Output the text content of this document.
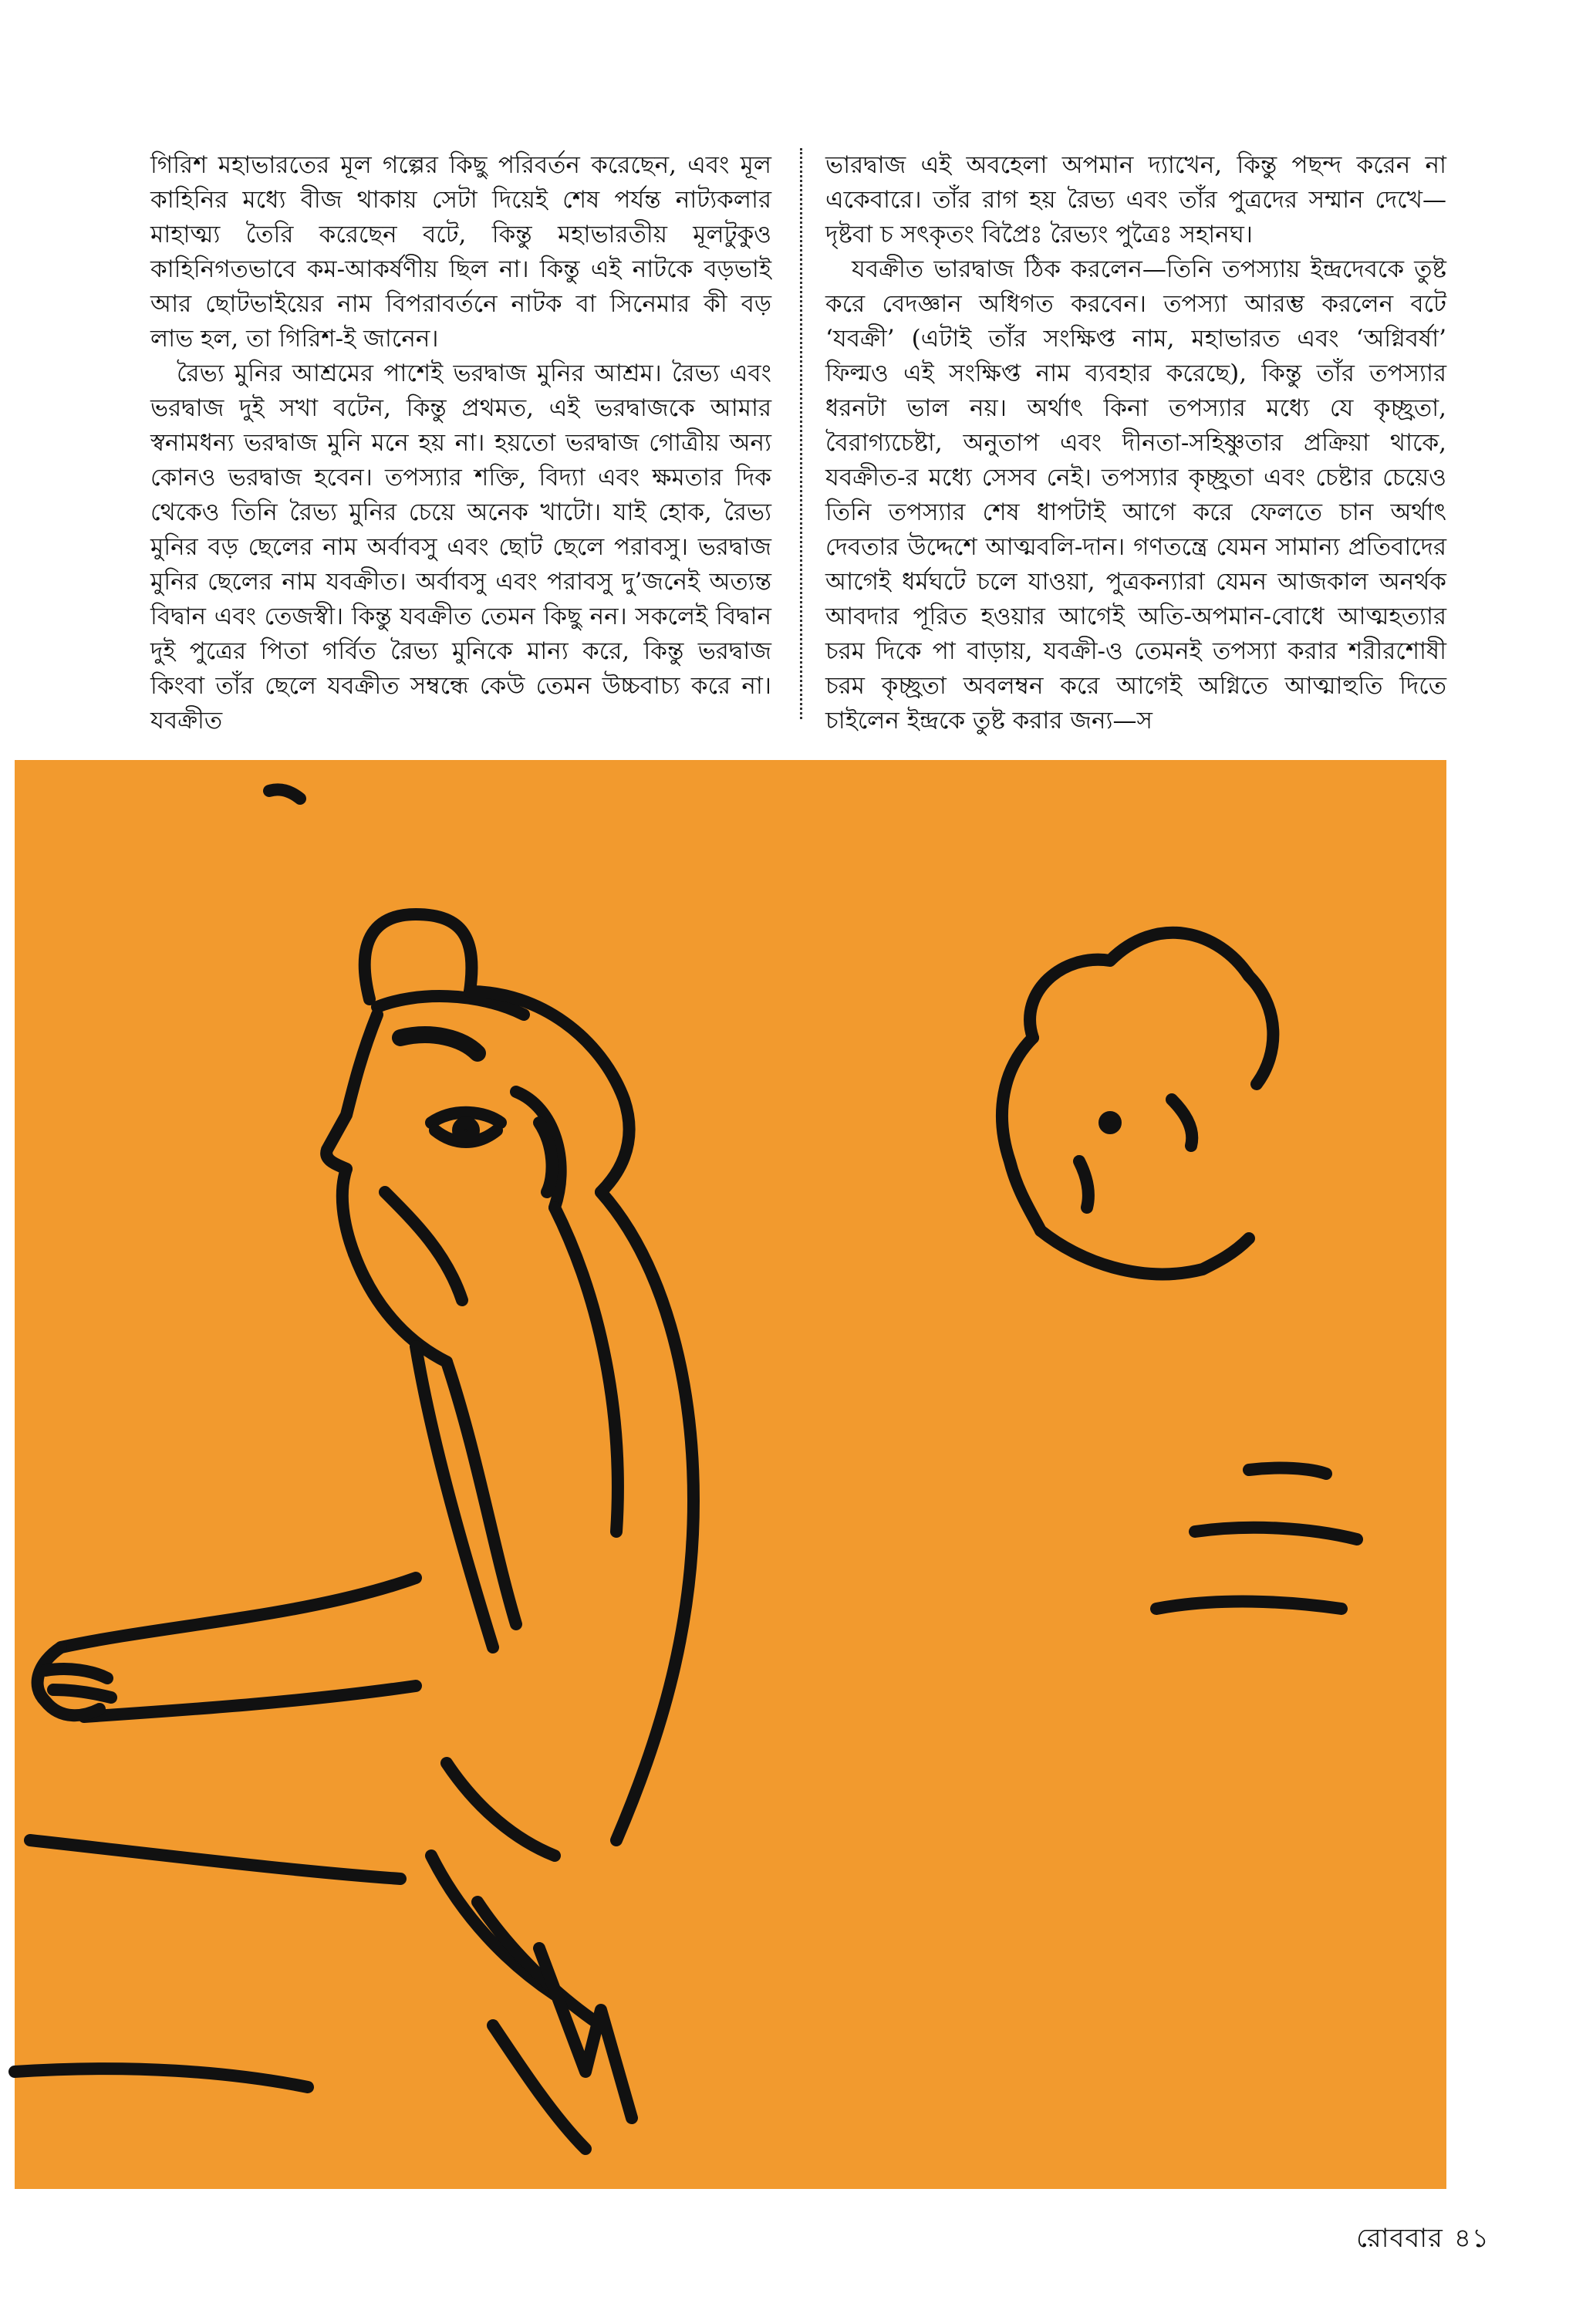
গিরিশ মহাভারতের মূল গল্পের কিছু পরিবর্তন করেছেন, এবং মূল কাহিনির মধ্যে বীজ থাকায় সেটা দিয়েই শেষ পর্যন্ত নাট্যকলার মাহাত্ম্য তৈরি করেছেন বটে, কিন্তু মহাভারতীয় মূলটুকুও কাহিনিগতভাবে কম-আকর্ষণীয় ছিল না। কিন্তু এই নাটকে বড়ভাই আর ছোটভাইয়ের নাম বিপরাবর্তনে নাটক বা সিনেমার কী বড় লাভ হল, তা গিরিশ-ই জানেন।

রৈভ্য মুনির আশ্রমের পাশেই ভরদ্বাজ মুনির আশ্রম। রৈভ্য এবং ভরদ্বাজ দুই সখা বটেন, কিন্তু প্রথমত, এই ভরদ্বাজকে আমার স্বনামধন্য ভরদ্বাজ মুনি মনে হয় না। হয়তো ভরদ্বাজ গোত্রীয় অন্য কোনও ভরদ্বাজ হবেন। তপস্যার শক্তি, বিদ্যা এবং ক্ষমতার দিক থেকেও তিনি রৈভ্য মুনির চেয়ে অনেক খাটো। যাই হোক, রৈভ্য মুনির বড় ছেলের নাম অর্বাবসু এবং ছোট ছেলে পরাবসু। ভরদ্বাজ মুনির ছেলের নাম যবক্রীত। অর্বাবসু এবং পরাবসু দু’জনেই অত্যন্ত বিদ্বান এবং তেজস্বী। কিন্তু যবক্রীত তেমন কিছু নন। সকলেই বিদ্বান দুই পুত্রের পিতা গর্বিত রৈভ্য মুনিকে মান্য করে, কিন্তু ভরদ্বাজ কিংবা তাঁর ছেলে যবক্রীত সম্বন্ধে কেউ তেমন উচ্চবাচ্য করে না। যবক্রীত

ভারদ্বাজ এই অবহেলা অপমান দ্যাখেন, কিন্তু পছন্দ করেন না একেবারে। তাঁর রাগ হয় রৈভ্য এবং তাঁর পুত্রদের সম্মান দেখে—দৃষ্টবা চ সৎকৃতং বিপ্রৈঃ রৈভ্যং পুত্রৈঃ সহানঘ।

যবক্রীত ভারদ্বাজ ঠিক করলেন—তিনি তপস্যায় ইন্দ্রদেবকে তুষ্ট করে বেদজ্ঞান অধিগত করবেন। তপস্যা আরম্ভ করলেন বটে ‘যবক্রী’ (এটাই তাঁর সংক্ষিপ্ত নাম, মহাভারত এবং ‘অগ্নিবর্ষা’ ফিল্মও এই সংক্ষিপ্ত নাম ব্যবহার করেছে), কিন্তু তাঁর তপস্যার ধরনটা ভাল নয়। অর্থাৎ কিনা তপস্যার মধ্যে যে কৃচ্ছ্রতা, বৈরাগ্যচেষ্টা, অনুতাপ এবং দীনতা-সহিষ্ণুতার প্রক্রিয়া থাকে, যবক্রীত-র মধ্যে সেসব নেই। তপস্যার কৃচ্ছ্রতা এবং চেষ্টার চেয়েও তিনি তপস্যার শেষ ধাপটাই আগে করে ফেলতে চান অর্থাৎ দেবতার উদ্দেশে আত্মবলি-দান। গণতন্ত্রে যেমন সামান্য প্রতিবাদের আগেই ধর্মঘটে চলে যাওয়া, পুত্রকন্যারা যেমন আজকাল অনর্থক আবদার পূরিত হওয়ার আগেই অতি-অপমান-বোধে আত্মহত্যার চরম দিকে পা বাড়ায়, যবক্রী-ও তেমনই তপস্যা করার শরীরশোষী চরম কৃচ্ছ্রতা অবলম্বন করে আগেই অগ্নিতে আত্মাহুতি দিতে চাইলেন ইন্দ্রকে তুষ্ট করার জন্য—স

রোববার ৪১
